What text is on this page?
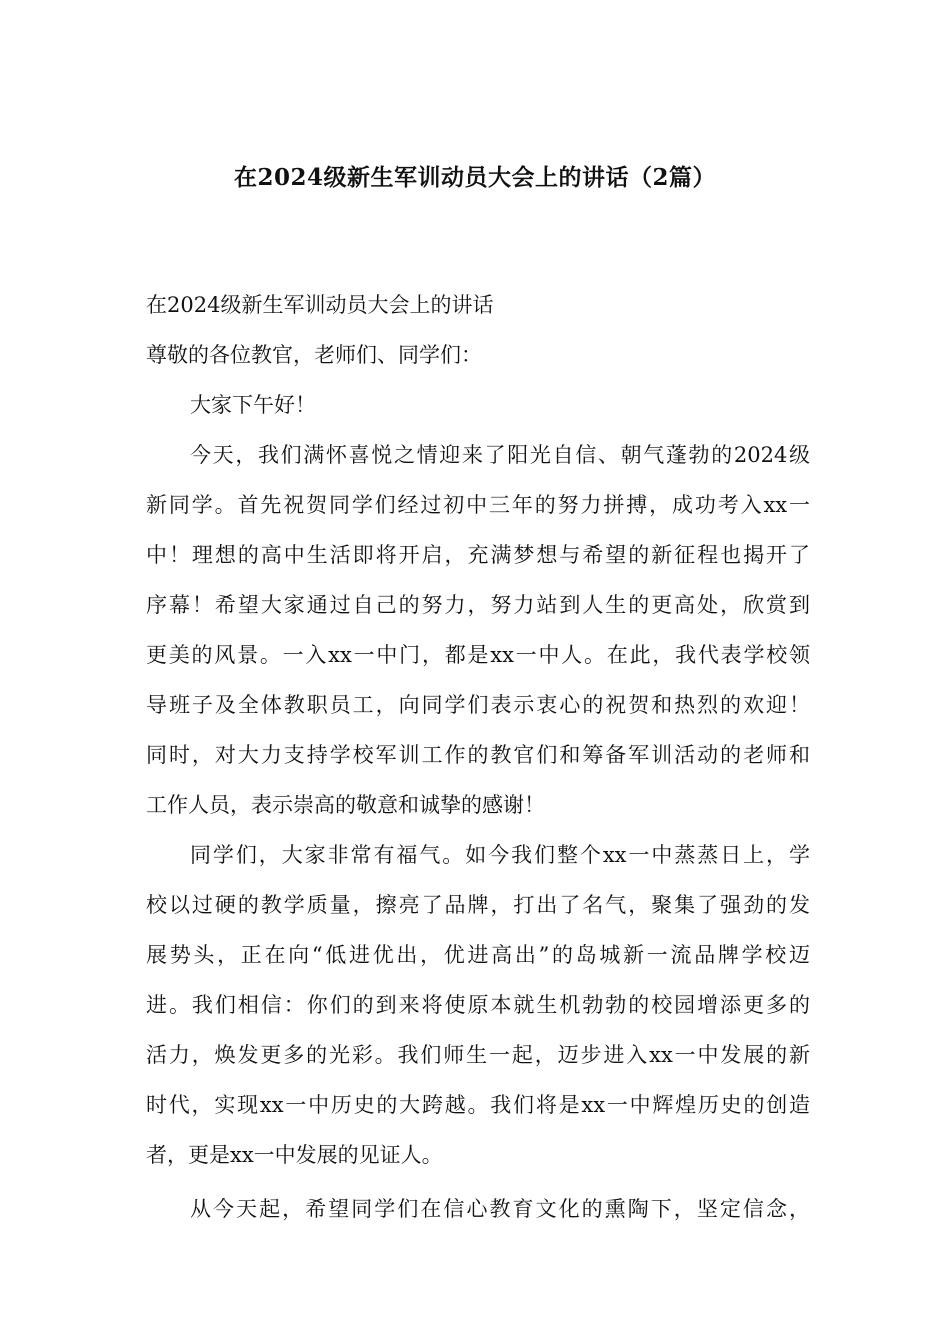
在2024级新生军训动员大会上的讲话（2篇）
在2024级新生军训动员大会上的讲话
尊敬的各位教官，老师们、同学们：
大家下午好！
今天，我们满怀喜悦之情迎来了阳光自信、朝气蓬勃的2024级
新同学。首先祝贺同学们经过初中三年的努力拼搏，成功考入xx一
中！理想的高中生活即将开启，充满梦想与希望的新征程也揭开了
序幕！希望大家通过自己的努力，努力站到人生的更高处，欣赏到
更美的风景。一入xx一中门，都是xx一中人。在此，我代表学校领
导班子及全体教职员工，向同学们表示衷心的祝贺和热烈的欢迎！
同时，对大力支持学校军训工作的教官们和筹备军训活动的老师和
工作人员，表示崇高的敬意和诚挚的感谢！
同学们，大家非常有福气。如今我们整个xx一中蒸蒸日上，学
校以过硬的教学质量，擦亮了品牌，打出了名气，聚集了强劲的发
展势头，正在向“低进优出，优进高出”的岛城新一流品牌学校迈
进。我们相信：你们的到来将使原本就生机勃勃的校园增添更多的
活力，焕发更多的光彩。我们师生一起，迈步进入xx一中发展的新
时代，实现xx一中历史的大跨越。我们将是xx一中辉煌历史的创造
者，更是xx一中发展的见证人。
从今天起，希望同学们在信心教育文化的熏陶下，坚定信念，
